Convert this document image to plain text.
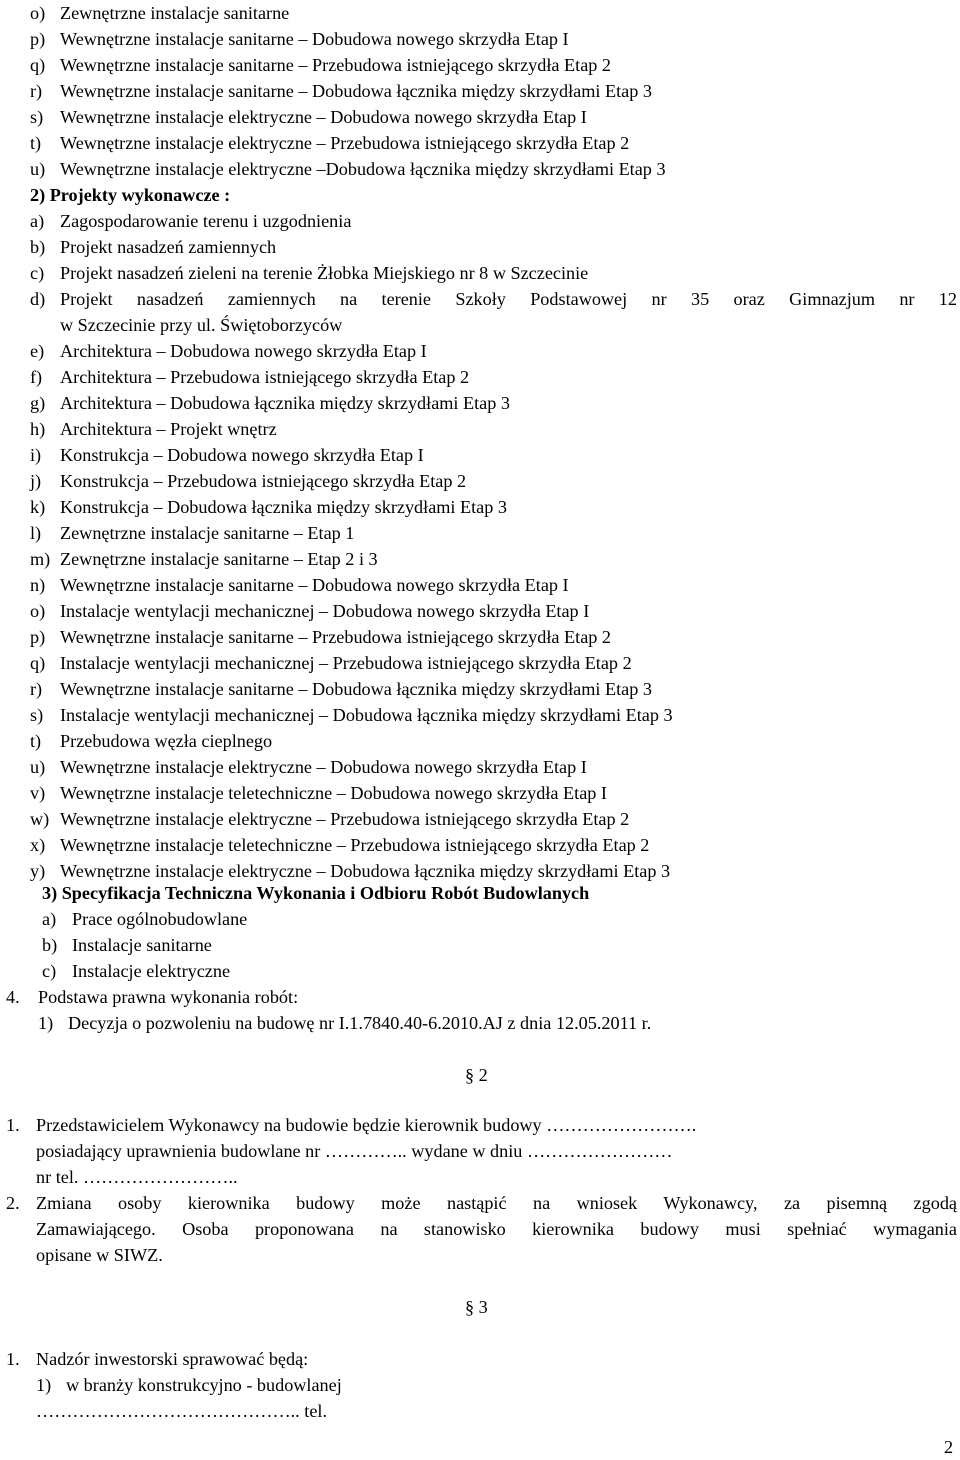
o) Zewnętrzne instalacje sanitarne
p) Wewnętrzne instalacje sanitarne – Dobudowa nowego skrzydła Etap I
q) Wewnętrzne instalacje sanitarne – Przebudowa istniejącego skrzydła Etap 2
r) Wewnętrzne instalacje sanitarne – Dobudowa łącznika między skrzydłami Etap 3
s) Wewnętrzne instalacje elektryczne – Dobudowa nowego skrzydła Etap I
t) Wewnętrzne instalacje elektryczne – Przebudowa istniejącego skrzydła Etap 2
u) Wewnętrzne instalacje elektryczne –Dobudowa łącznika między skrzydłami Etap 3
2) Projekty wykonawcze :
a) Zagospodarowanie terenu i uzgodnienia
b) Projekt nasadzeń zamiennych
c) Projekt nasadzeń zieleni na terenie Żłobka Miejskiego nr 8 w Szczecinie
d) Projekt nasadzeń zamiennych na terenie Szkoły Podstawowej nr 35 oraz Gimnazjum nr 12
w Szczecinie przy ul. Świętoborzyców
e) Architektura – Dobudowa nowego skrzydła Etap I
f) Architektura – Przebudowa istniejącego skrzydła Etap 2
g) Architektura – Dobudowa łącznika między skrzydłami Etap 3
h) Architektura – Projekt wnętrz
i) Konstrukcja – Dobudowa nowego skrzydła Etap I
j) Konstrukcja – Przebudowa istniejącego skrzydła Etap 2
k) Konstrukcja – Dobudowa łącznika między skrzydłami Etap 3
l) Zewnętrzne instalacje sanitarne – Etap 1
m) Zewnętrzne instalacje sanitarne – Etap 2 i 3
n) Wewnętrzne instalacje sanitarne – Dobudowa nowego skrzydła Etap I
o) Instalacje wentylacji mechanicznej – Dobudowa nowego skrzydła Etap I
p) Wewnętrzne instalacje sanitarne – Przebudowa istniejącego skrzydła Etap 2
q) Instalacje wentylacji mechanicznej – Przebudowa istniejącego skrzydła Etap 2
r) Wewnętrzne instalacje sanitarne – Dobudowa łącznika między skrzydłami Etap 3
s) Instalacje wentylacji mechanicznej – Dobudowa łącznika między skrzydłami Etap 3
t) Przebudowa węzła cieplnego
u) Wewnętrzne instalacje elektryczne – Dobudowa nowego skrzydła Etap I
v) Wewnętrzne instalacje teletechniczne – Dobudowa nowego skrzydła Etap I
w) Wewnętrzne instalacje elektryczne – Przebudowa istniejącego skrzydła Etap 2
x) Wewnętrzne instalacje teletechniczne – Przebudowa istniejącego skrzydła Etap 2
y) Wewnętrzne instalacje elektryczne – Dobudowa łącznika między skrzydłami Etap 3
3) Specyfikacja Techniczna Wykonania i Odbioru Robót Budowlanych
a) Prace ogólnobudowlane
b) Instalacje sanitarne
c) Instalacje elektryczne
4. Podstawa prawna wykonania robót:
1) Decyzja o pozwoleniu na budowę nr I.1.7840.40-6.2010.AJ z dnia 12.05.2011 r.
§ 2
1. Przedstawicielem Wykonawcy na budowie będzie kierownik budowy …………………….
posiadający uprawnienia budowlane nr ………….. wydane w dniu ……………………
nr tel. ……………………..
2. Zmiana osoby kierownika budowy może nastąpić na wniosek Wykonawcy, za pisemną zgodą
Zamawiającego. Osoba proponowana na stanowisko kierownika budowy musi spełniać wymagania
opisane w SIWZ.
§ 3
1. Nadzór inwestorski sprawować będą:
1) w branży konstrukcyjno - budowlanej
…………………………………….. tel.
2
